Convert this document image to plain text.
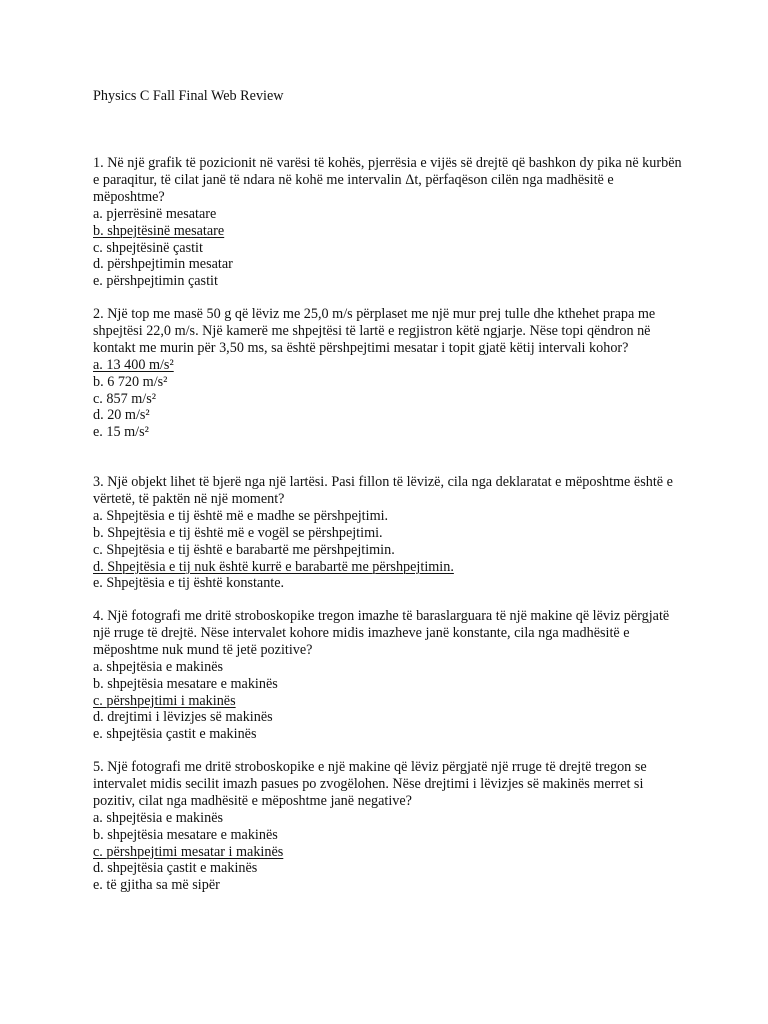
Physics C Fall Final Web Review
1. Në një grafik të pozicionit në varësi të kohës, pjerrësia e vijës së drejtë që bashkon dy pika në kurbën e paraqitur, të cilat janë të ndara në kohë me intervalin Δt, përfaqëson cilën nga madhësitë e mëposhtme?
a. pjerrësinë mesatare
b. shpejtësinë mesatare
c. shpejtësinë çastit
d. përshpejtimin mesatar
e. përshpejtimin çastit
2. Një top me masë 50 g që lëviz me 25,0 m/s përplaset me një mur prej tulle dhe kthehet prapa me shpejtësi 22,0 m/s. Një kamerë me shpejtësi të lartë e regjistron këtë ngjarje. Nëse topi qëndron në kontakt me murin për 3,50 ms, sa është përshpejtimi mesatar i topit gjatë këtij intervali kohor?
a. 13 400 m/s²
b. 6 720 m/s²
c. 857 m/s²
d. 20 m/s²
e. 15 m/s²
3. Një objekt lihet të bjerë nga një lartësi. Pasi fillon të lëvizë, cila nga deklaratat e mëposhtme është e vërtetë, të paktën në një moment?
a. Shpejtësia e tij është më e madhe se përshpejtimi.
b. Shpejtësia e tij është më e vogël se përshpejtimi.
c. Shpejtësia e tij është e barabartë me përshpejtimin.
d. Shpejtësia e tij nuk është kurrë e barabartë me përshpejtimin.
e. Shpejtësia e tij është konstante.
4. Një fotografi me dritë stroboskopike tregon imazhe të baraslarguara të një makine që lëviz përgjatë një rruge të drejtë. Nëse intervalet kohore midis imazheve janë konstante, cila nga madhësitë e mëposhtme nuk mund të jetë pozitive?
a. shpejtësia e makinës
b. shpejtësia mesatare e makinës
c. përshpejtimi i makinës
d. drejtimi i lëvizjes së makinës
e. shpejtësia çastit e makinës
5. Një fotografi me dritë stroboskopike e një makine që lëviz përgjatë një rruge të drejtë tregon se intervalet midis secilit imazh pasues po zvogëlohen. Nëse drejtimi i lëvizjes së makinës merret si pozitiv, cilat nga madhësitë e mëposhtme janë negative?
a. shpejtësia e makinës
b. shpejtësia mesatare e makinës
c. përshpejtimi mesatar i makinës
d. shpejtësia çastit e makinës
e. të gjitha sa më sipër
